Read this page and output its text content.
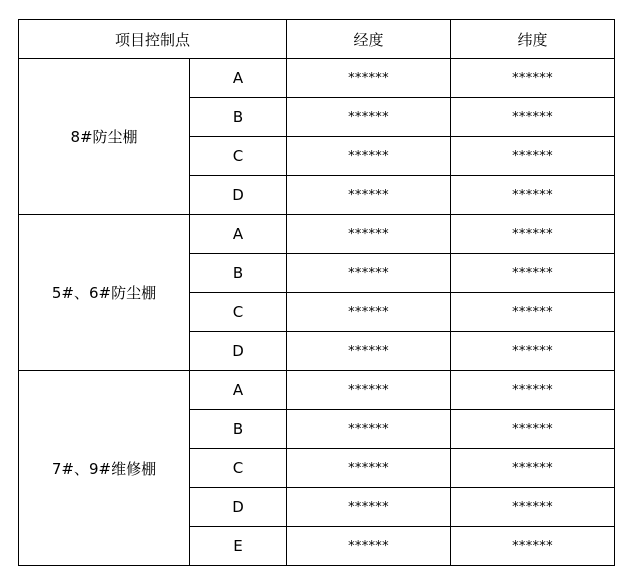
项目控制点		经度	纬度
8#防尘棚	A	******	******
	B	******	******
	C	******	******
	D	******	******
5#、6#防尘棚	A	******	******
	B	******	******
	C	******	******
	D	******	******
7#、9#维修棚	A	******	******
	B	******	******
	C	******	******
	D	******	******
	E	******	******
